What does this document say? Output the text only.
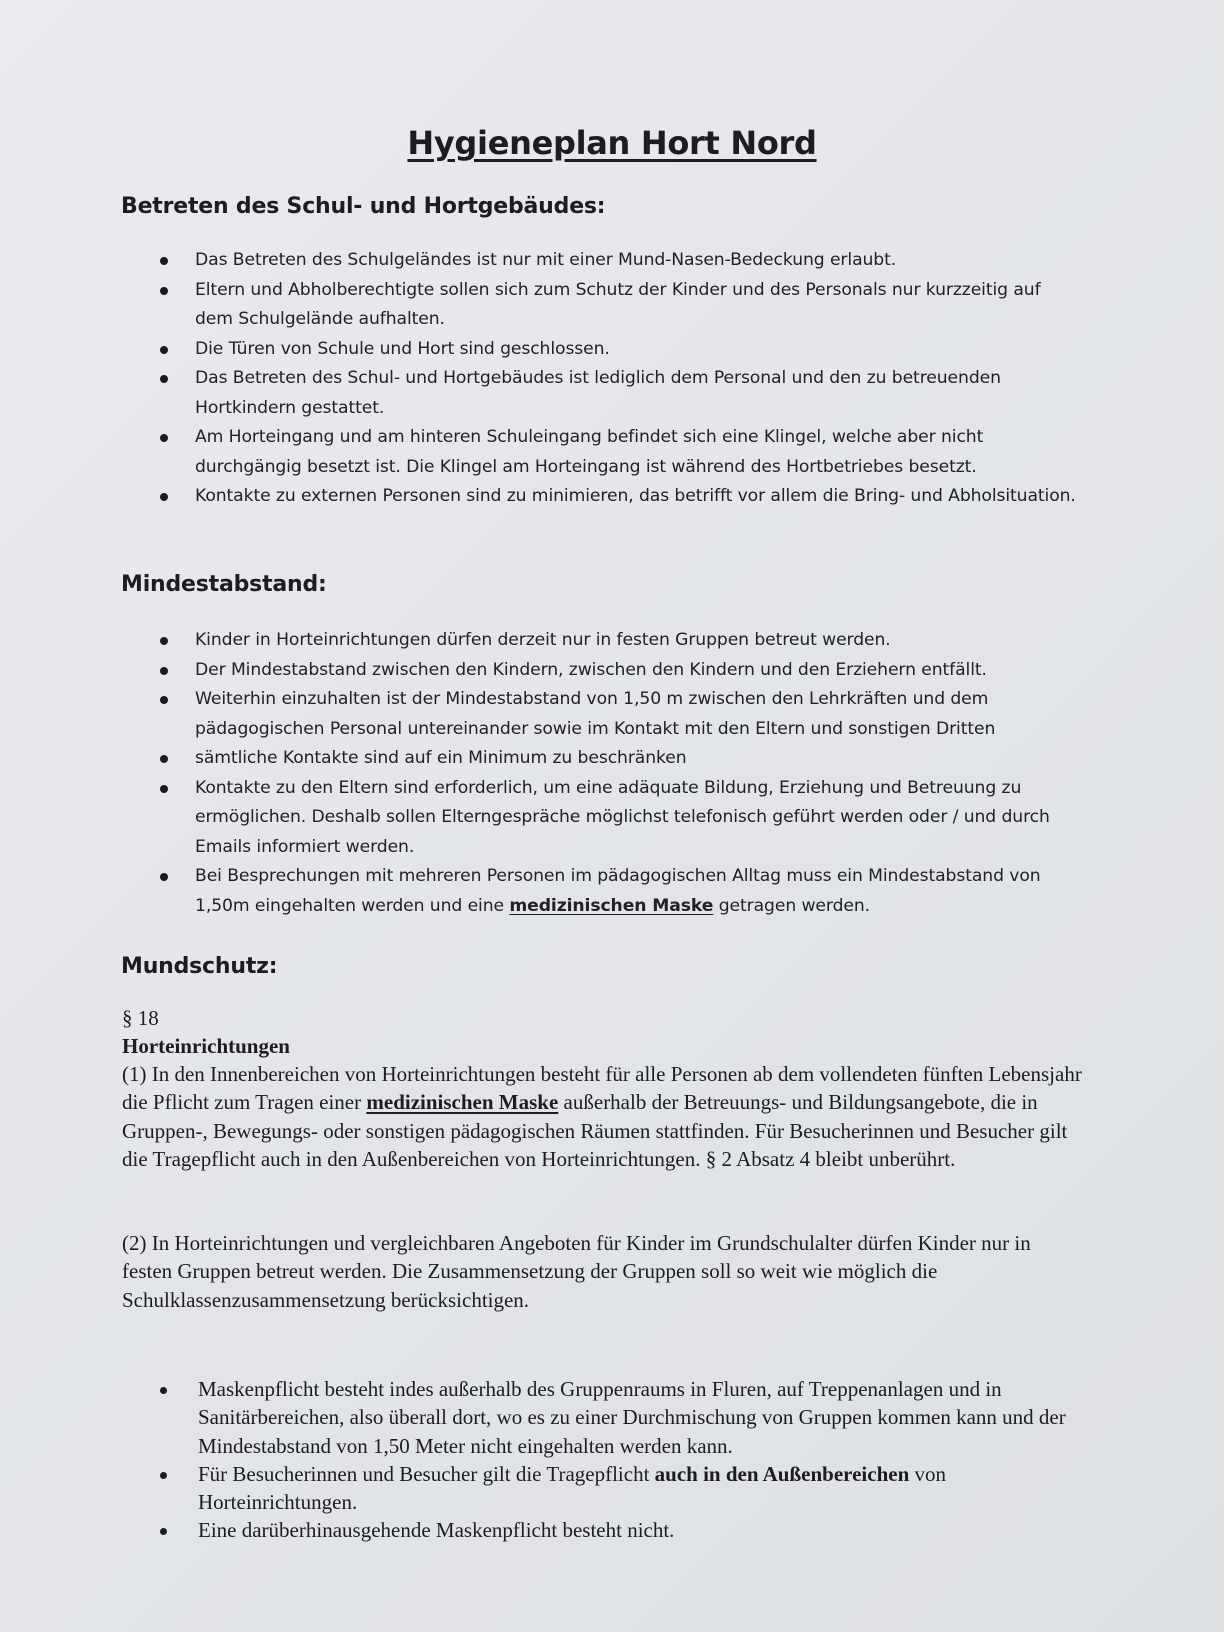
Hygieneplan Hort Nord
Betreten des Schul- und Hortgebäudes:
Das Betreten des Schulgeländes ist nur mit einer Mund-Nasen-Bedeckung erlaubt.
Eltern und Abholberechtigte sollen sich zum Schutz der Kinder und des Personals nur kurzzeitig auf dem Schulgelände aufhalten.
Die Türen von Schule und Hort sind geschlossen.
Das Betreten des Schul- und Hortgebäudes ist lediglich dem Personal und den zu betreuenden Hortkindern gestattet.
Am Horteingang und am hinteren Schuleingang befindet sich eine Klingel, welche aber nicht durchgängig besetzt ist. Die Klingel am Horteingang ist während des Hortbetriebes besetzt.
Kontakte zu externen Personen sind zu minimieren, das betrifft vor allem die Bring- und Abholsituation.
Mindestabstand:
Kinder in Horteinrichtungen dürfen derzeit nur in festen Gruppen betreut werden.
Der Mindestabstand zwischen den Kindern, zwischen den Kindern und den Erziehern entfällt.
Weiterhin einzuhalten ist der Mindestabstand von 1,50 m zwischen den Lehrkräften und dem pädagogischen Personal untereinander sowie im Kontakt mit den Eltern und sonstigen Dritten
sämtliche Kontakte sind auf ein Minimum zu beschränken
Kontakte zu den Eltern sind erforderlich, um eine adäquate Bildung, Erziehung und Betreuung zu ermöglichen. Deshalb sollen Elterngespräche möglichst telefonisch geführt werden oder / und durch Emails informiert werden.
Bei Besprechungen mit mehreren Personen im pädagogischen Alltag muss ein Mindestabstand von 1,50m eingehalten werden und eine medizinischen Maske getragen werden.
Mundschutz:
§ 18
Horteinrichtungen

(1) In den Innenbereichen von Horteinrichtungen besteht für alle Personen ab dem vollendeten fünften Lebensjahr die Pflicht zum Tragen einer medizinischen Maske außerhalb der Betreuungs- und Bildungsangebote, die in Gruppen-, Bewegungs- oder sonstigen pädagogischen Räumen stattfinden. Für Besucherinnen und Besucher gilt die Tragepflicht auch in den Außenbereichen von Horteinrichtungen. § 2 Absatz 4 bleibt unberührt.

(2) In Horteinrichtungen und vergleichbaren Angeboten für Kinder im Grundschulalter dürfen Kinder nur in festen Gruppen betreut werden. Die Zusammensetzung der Gruppen soll so weit wie möglich die Schulklassenzusammensetzung berücksichtigen.

Maskenpflicht besteht indes außerhalb des Gruppenraums in Fluren, auf Treppenanlagen und in Sanitärbereichen, also überall dort, wo es zu einer Durchmischung von Gruppen kommen kann und der Mindestabstand von 1,50 Meter nicht eingehalten werden kann.
Für Besucherinnen und Besucher gilt die Tragepflicht auch in den Außenbereichen von Horteinrichtungen.
Eine darüberhinausgehende Maskenpflicht besteht nicht.
